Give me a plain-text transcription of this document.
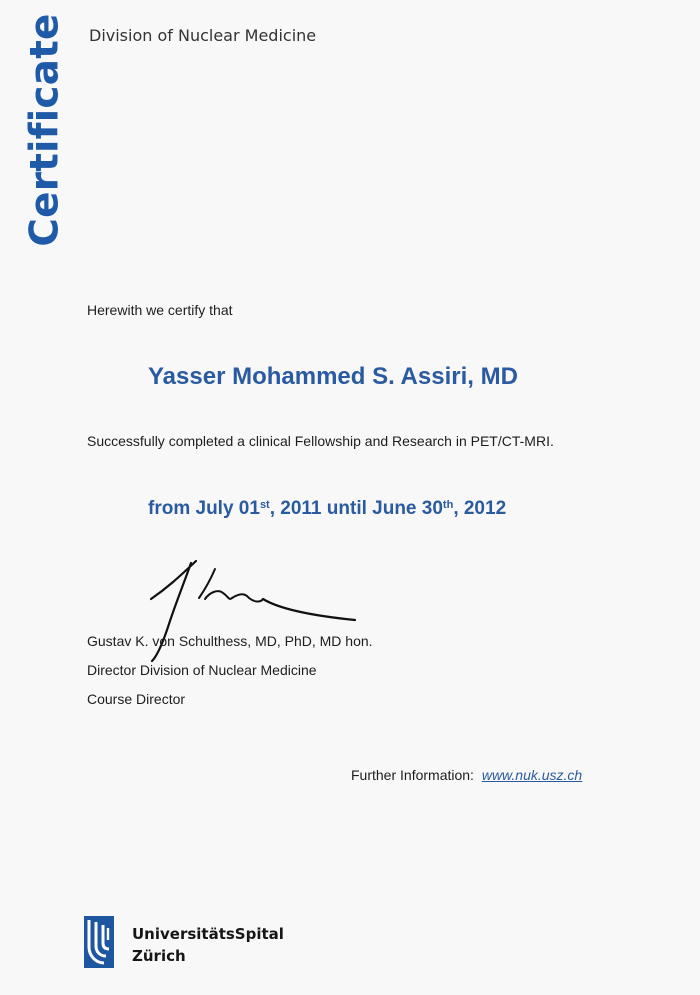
Certificate Division of Nuclear Medicine
Herewith we certify that
Yasser Mohammed S. Assiri, MD
Successfully completed a clinical Fellowship and Research in PET/CT-MRI.
from July 01st, 2011 until June 30th, 2012
Gustav K. von Schulthess, MD, PhD, MD hon.
Director Division of Nuclear Medicine
Course Director
Further Information: www.nuk.usz.ch
UniversitätsSpital
Zürich
